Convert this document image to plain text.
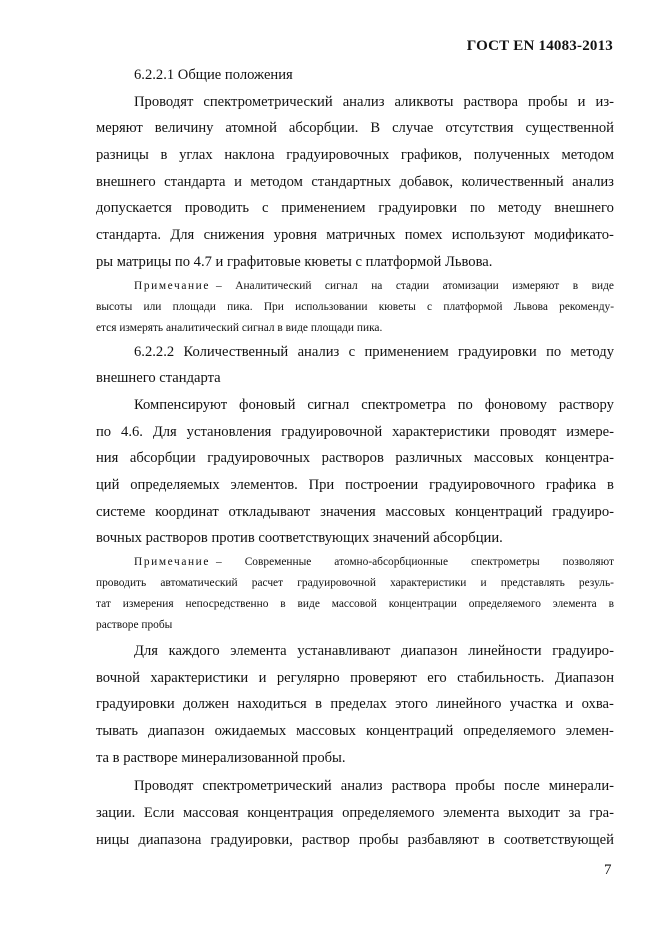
ГОСТ EN 14083-2013
6.2.2.1 Общие положения
Проводят спектрометрический анализ аликвоты раствора пробы и из-
меряют величину атомной абсорбции. В случае отсутствия существенной
разницы в углах наклона градуировочных графиков, полученных методом
внешнего стандарта и методом стандартных добавок, количественный анализ
допускается проводить с применением градуировки по методу внешнего
стандарта. Для снижения уровня матричных помех используют модификато-
ры матрицы по 4.7 и графитовые кюветы с платформой Львова.
Примечание – Аналитический сигнал на стадии атомизации измеряют в виде
высоты или площади пика. При использовании кюветы с платформой Львова рекоменду-
ется измерять аналитический сигнал в виде площади пика.
6.2.2.2 Количественный анализ с применением градуировки по методу
внешнего стандарта
Компенсируют фоновый сигнал спектрометра по фоновому раствору
по 4.6. Для установления градуировочной характеристики проводят измере-
ния абсорбции градуировочных растворов различных массовых концентра-
ций определяемых элементов. При построении градуировочного графика в
системе координат откладывают значения массовых концентраций градуиро-
вочных растворов против соответствующих значений абсорбции.
Примечание – Современные атомно-абсорбционные спектрометры позволяют
проводить автоматический расчет градуировочной характеристики и представлять резуль-
тат измерения непосредственно в виде массовой концентрации определяемого элемента в
растворе пробы
Для каждого элемента устанавливают диапазон линейности градуиро-
вочной характеристики и регулярно проверяют его стабильность. Диапазон
градуировки должен находиться в пределах этого линейного участка и охва-
тывать диапазон ожидаемых массовых концентраций определяемого элемен-
та в растворе минерализованной пробы.
Проводят спектрометрический анализ раствора пробы после минерали-
зации. Если массовая концентрация определяемого элемента выходит за гра-
ницы диапазона градуировки, раствор пробы разбавляют в соответствующей
7
